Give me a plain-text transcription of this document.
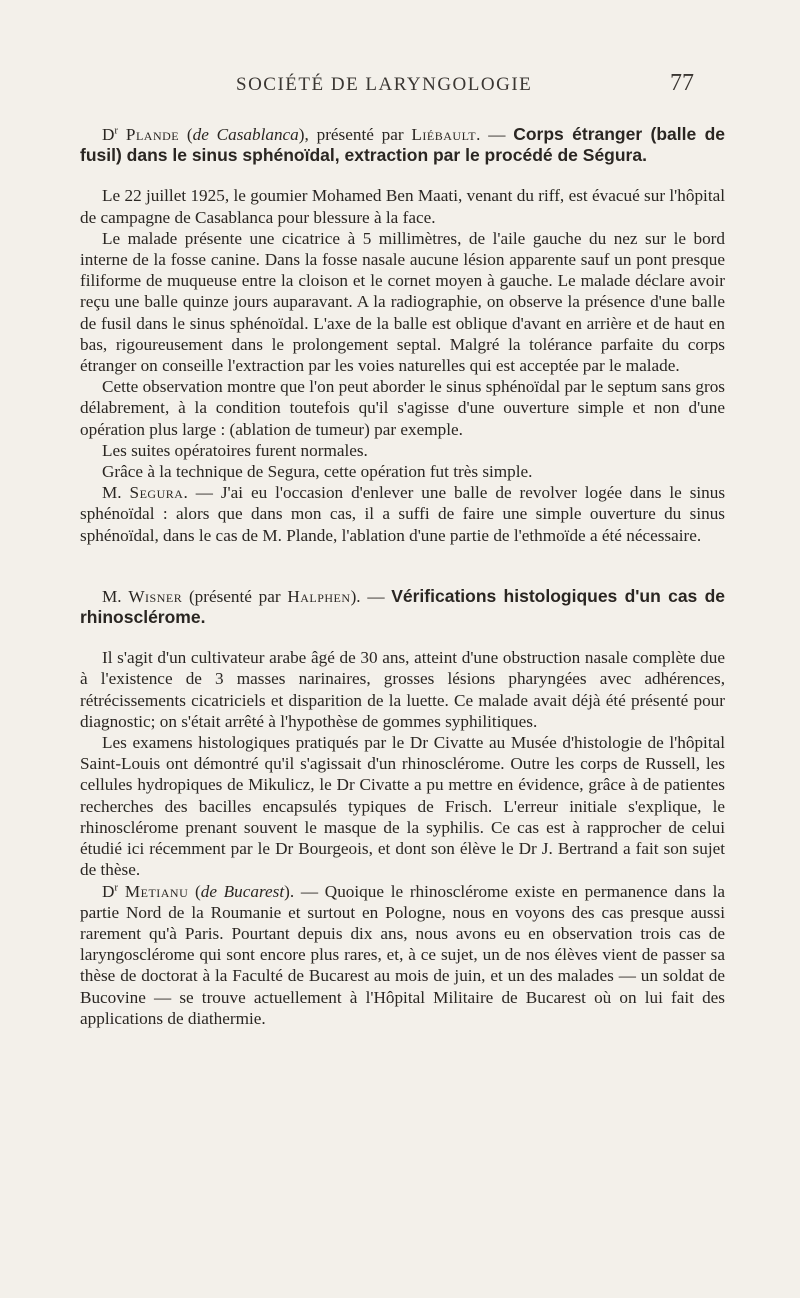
SOCIÉTÉ DE LARYNGOLOGIE	77

$D^r$ Plande (de Casablanca), présenté par Liébault. — Corps étranger (balle de fusil) dans le sinus sphénoïdal, extraction par le procédé de Ségura.

Le 22 juillet 1925, le goumier Mohamed Ben Maati, venant du riff, est évacué sur l'hôpital de campagne de Casablanca pour blessure à la face.

Le malade présente une cicatrice à 5 millimètres, de l'aile gauche du nez sur le bord interne de la fosse canine. Dans la fosse nasale aucune lésion apparente sauf un pont presque filiforme de muqueuse entre la cloison et le cornet moyen à gauche. Le malade déclare avoir reçu une balle quinze jours auparavant. A la radiographie, on observe la présence d'une balle de fusil dans le sinus sphénoïdal. L'axe de la balle est oblique d'avant en arrière et de haut en bas, rigoureusement dans le prolongement septal. Malgré la tolérance parfaite du corps étranger on conseille l'extraction par les voies naturelles qui est acceptée par le malade.

Cette observation montre que l'on peut aborder le sinus sphénoïdal par le septum sans gros délabrement, à la condition toutefois qu'il s'agisse d'une ouverture simple et non d'une opération plus large : (ablation de tumeur) par exemple.

Les suites opératoires furent normales.

Grâce à la technique de Segura, cette opération fut très simple.

M. Segura. — J'ai eu l'occasion d'enlever une balle de revolver logée dans le sinus sphénoïdal : alors que dans mon cas, il a suffi de faire une simple ouverture du sinus sphénoïdal, dans le cas de M. Plande, l'ablation d'une partie de l'ethmoïde a été nécessaire.

M. Wisner (présenté par Halphen). — Vérifications histologiques d'un cas de rhinosclérome.

Il s'agit d'un cultivateur arabe âgé de 30 ans, atteint d'une obstruction nasale complète due à l'existence de 3 masses narinaires, grosses lésions pharyngées avec adhérences, rétrécissements cicatriciels et disparition de la luette. Ce malade avait déjà été présenté pour diagnostic; on s'était arrêté à l'hypothèse de gommes syphilitiques.

Les examens histologiques pratiqués par le Dr Civatte au Musée d'histologie de l'hôpital Saint-Louis ont démontré qu'il s'agissait d'un rhinosclérome. Outre les corps de Russell, les cellules hydropiques de Mikulicz, le Dr Civatte a pu mettre en évidence, grâce à de patientes recherches des bacilles encapsulés typiques de Frisch. L'erreur initiale s'explique, le rhinosclérome prenant souvent le masque de la syphilis. Ce cas est à rapprocher de celui étudié ici récemment par le Dr Bourgeois, et dont son élève le Dr J. Bertrand a fait son sujet de thèse.

$D^r$ Metianu (de Bucarest). — Quoique le rhinosclérome existe en permanence dans la partie Nord de la Roumanie et surtout en Pologne, nous en voyons des cas presque aussi rarement qu'à Paris. Pourtant depuis dix ans, nous avons eu en observation trois cas de laryngosclérome qui sont encore plus rares, et, à ce sujet, un de nos élèves vient de passer sa thèse de doctorat à la Faculté de Bucarest au mois de juin, et un des malades — un soldat de Bucovine — se trouve actuellement à l'Hôpital Militaire de Bucarest où on lui fait des applications de diathermie.
